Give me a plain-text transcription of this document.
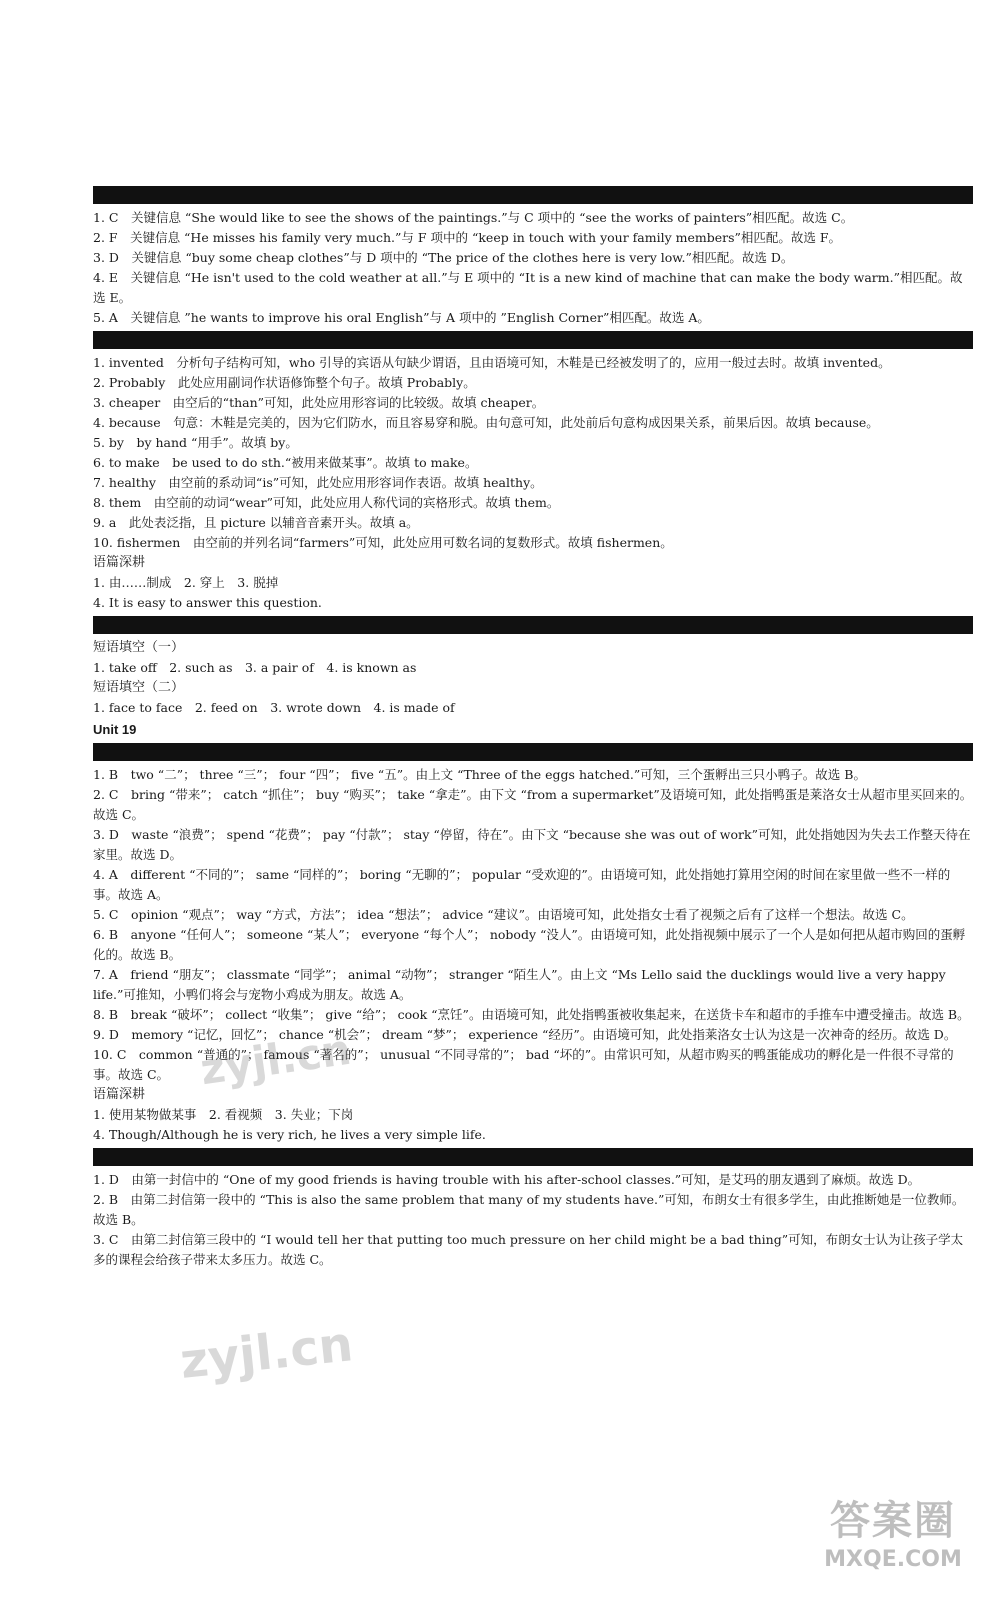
1. C　关键信息 “She would like to see the shows of the paintings.”与 C 项中的 “see the works of painters”相匹配。故选 C。
2. F　关键信息 “He misses his family very much.”与 F 项中的 “keep in touch with your family members”相匹配。故选 F。
3. D　关键信息 “buy some cheap clothes”与 D 项中的 “The price of the clothes here is very low.”相匹配。故选 D。
4. E　关键信息 “He isn't used to the cold weather at all.”与 E 项中的 “It is a new kind of machine that can make the body warm.”相匹配。故选 E。
5. A　关键信息 ”he wants to improve his oral English”与 A 项中的 ”English Corner”相匹配。故选 A。
1. invented　分析句子结构可知，who 引导的宾语从句缺少谓语，且由语境可知，木鞋是已经被发明了的，应用一般过去时。故填 invented。
2. Probably　此处应用副词作状语修饰整个句子。故填 Probably。
3. cheaper　由空后的“than”可知，此处应用形容词的比较级。故填 cheaper。
4. because　句意：木鞋是完美的，因为它们防水，而且容易穿和脱。由句意可知，此处前后句意构成因果关系，前果后因。故填 because。
5. by　by hand “用手”。故填 by。
6. to make　be used to do sth.“被用来做某事”。故填 to make。
7. healthy　由空前的系动词“is”可知，此处应用形容词作表语。故填 healthy。
8. them　由空前的动词“wear”可知，此处应用人称代词的宾格形式。故填 them。
9. a　此处表泛指，且 picture 以辅音音素开头。故填 a。
10. fishermen　由空前的并列名词“farmers”可知，此处应用可数名词的复数形式。故填 fishermen。
语篇深耕
1. 由……制成　2. 穿上　3. 脱掉
4. It is easy to answer this question.
短语填空（一）
1. take off　2. such as　3. a pair of　4. is known as
短语填空（二）
1. face to face　2. feed on　3. wrote down　4. is made of
Unit 19
1. B　two “二”； three “三”； four “四”； five “五”。由上文 “Three of the eggs hatched.”可知，三个蛋孵出三只小鸭子。故选 B。
2. C　bring “带来”； catch “抓住”； buy “购买”； take “拿走”。由下文 “from a supermarket”及语境可知，此处指鸭蛋是莱洛女士从超市里买回来的。故选 C。
3. D　waste “浪费”； spend “花费”； pay “付款”； stay “停留，待在”。由下文 “because she was out of work”可知，此处指她因为失去工作整天待在家里。故选 D。
4. A　different “不同的”； same “同样的”； boring “无聊的”； popular “受欢迎的”。由语境可知，此处指她打算用空闲的时间在家里做一些不一样的事。故选 A。
5. C　opinion “观点”； way “方式，方法”； idea “想法”； advice “建议”。由语境可知，此处指女士看了视频之后有了这样一个想法。故选 C。
6. B　anyone “任何人”； someone “某人”； everyone “每个人”； nobody “没人”。由语境可知，此处指视频中展示了一个人是如何把从超市购回的蛋孵化的。故选 B。
7. A　friend “朋友”； classmate “同学”； animal “动物”； stranger “陌生人”。由上文 “Ms Lello said the ducklings would live a very happy life.”可推知，小鸭们将会与宠物小鸡成为朋友。故选 A。
8. B　break “破坏”； collect “收集”； give “给”； cook “烹饪”。由语境可知，此处指鸭蛋被收集起来，在送货卡车和超市的手推车中遭受撞击。故选 B。
9. D　memory “记忆，回忆”； chance “机会”； dream “梦”； experience “经历”。由语境可知，此处指莱洛女士认为这是一次神奇的经历。故选 D。
10. C　common “普通的”； famous “著名的”； unusual “不同寻常的”； bad “坏的”。由常识可知，从超市购买的鸭蛋能成功的孵化是一件很不寻常的事。故选 C。
语篇深耕
1. 使用某物做某事　2. 看视频　3. 失业；下岗
4. Though/Although he is very rich, he lives a very simple life.
1. D　由第一封信中的 “One of my good friends is having trouble with his after-school classes.”可知，是艾玛的朋友遇到了麻烦。故选 D。
2. B　由第二封信第一段中的 “This is also the same problem that many of my students have.”可知，布朗女士有很多学生，由此推断她是一位教师。故选 B。
3. C　由第二封信第三段中的 “I would tell her that putting too much pressure on her child might be a bad thing”可知，布朗女士认为让孩子学太多的课程会给孩子带来太多压力。故选 C。
zyjl.cn
zyjl.cn
答案圈
MXQE.COM
